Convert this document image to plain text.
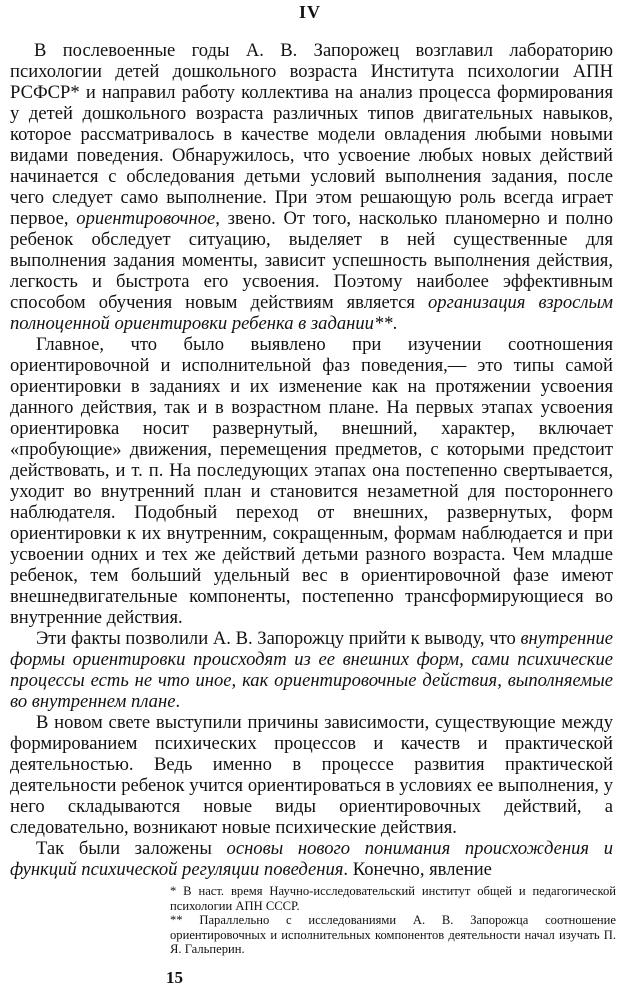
IV

В послевоенные годы А. В. Запорожец возглавил лабораторию психологии детей дошкольного возраста Института психологии АПН РСФСР* и направил работу коллектива на анализ процесса формирования у детей дошкольного возраста различных типов двигательных навыков, которое рассматривалось в качестве модели овладения любыми новыми видами поведения. Обнаружилось, что усвоение любых новых действий начинается с обследования детьми условий выполнения задания, после чего следует само выполнение. При этом решающую роль всегда играет первое, ориентировочное, звено. От того, насколько планомерно и полно ребенок обследует ситуацию, выделяет в ней существенные для выполнения задания моменты, зависит успешность выполнения действия, легкость и быстрота его усвоения. Поэтому наиболее эффективным способом обучения новым действиям является организация взрослым полноценной ориентировки ребенка в задании**.

Главное, что было выявлено при изучении соотношения ориентировочной и исполнительной фаз поведения,— это типы самой ориентировки в заданиях и их изменение как на протяжении усвоения данного действия, так и в возрастном плане. На первых этапах усвоения ориентировка носит развернутый, внешний, характер, включает «пробующие» движения, перемещения предметов, с которыми предстоит действовать, и т. п. На последующих этапах она постепенно свертывается, уходит во внутренний план и становится незаметной для постороннего наблюдателя. Подобный переход от внешних, развернутых, форм ориентировки к их внутренним, сокращенным, формам наблюдается и при усвоении одних и тех же действий детьми разного возраста. Чем младше ребенок, тем больший удельный вес в ориентировочной фазе имеют внешнедвигательные компоненты, постепенно трансформирующиеся во внутренние действия.

Эти факты позволили А. В. Запорожцу прийти к выводу, что внутренние формы ориентировки происходят из ее внешних форм, сами психические процессы есть не что иное, как ориентировочные действия, выполняемые во внутреннем плане.

В новом свете выступили причины зависимости, существующие между формированием психических процессов и качеств и практической деятельностью. Ведь именно в процессе развития практической деятельности ребенок учится ориентироваться в условиях ее выполнения, у него складываются новые виды ориентировочных действий, а следовательно, возникают новые психические действия.

Так были заложены основы нового понимания происхождения и функций психической регуляции поведения. Конечно, явление

* В наст. время Научно-исследовательский институт общей и педагогической психологии АПН СССР.

** Параллельно с исследованиями А. В. Запорожца соотношение ориентировочных и исполнительных компонентов деятельности начал изучать П. Я. Гальперин.

15
